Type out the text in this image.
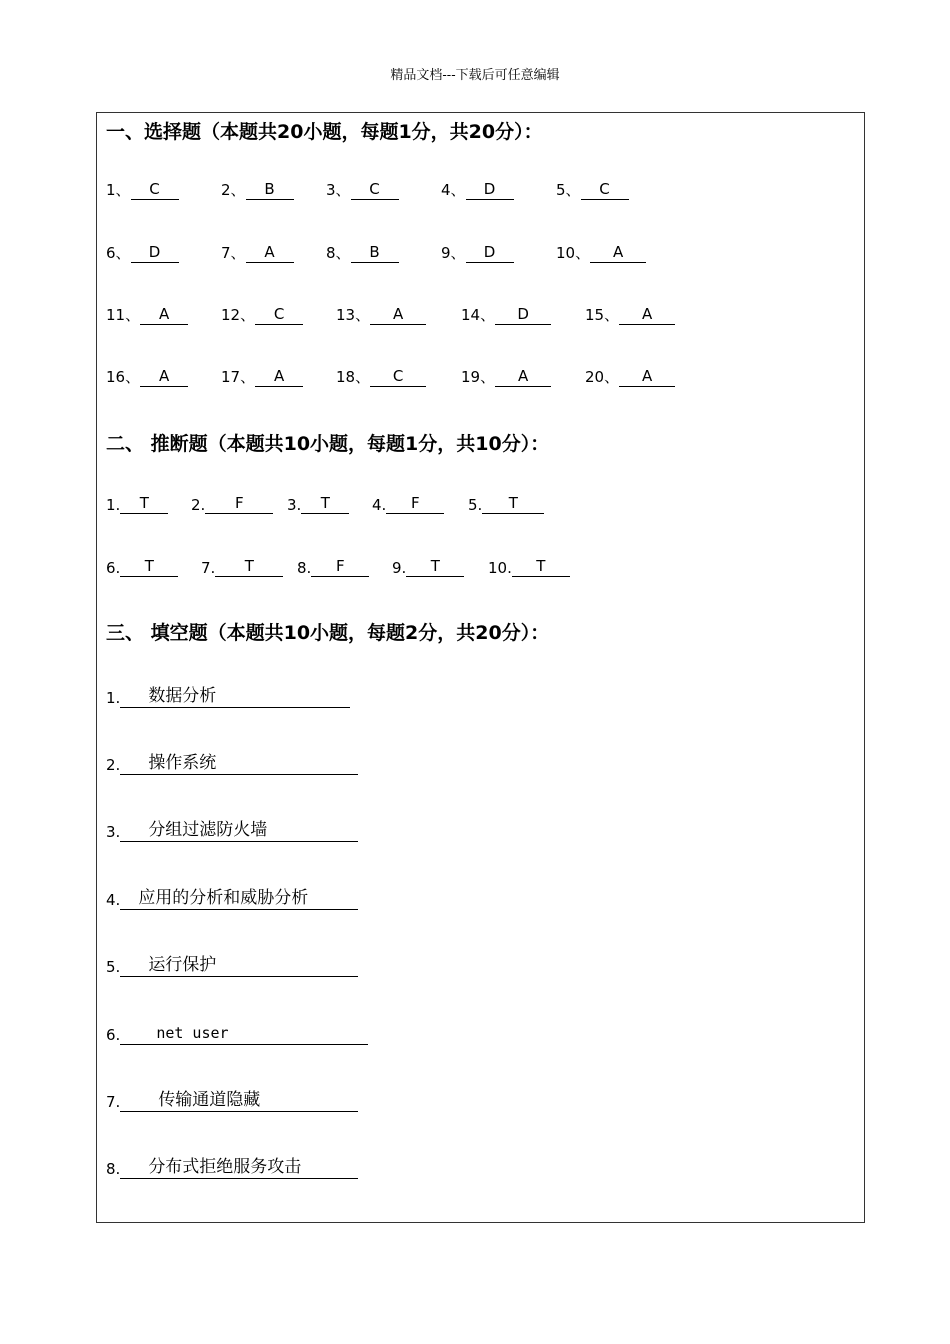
精品文档---下载后可任意编辑
一、选择题（本题共20小题，每题1分，共20分）：
1、 C	2、 B	3、 C	4、 D	5、 C
6、 D	7、 A	8、 B	9、 D	10、 A
11、 A	12、 C	13、 A	14、 D	15、 A
16、 A	17、 A	18、 C	19、 A	20、 A
二、 推断题（本题共10小题，每题1分，共10分）：
1. T	2. F	3. T	4. F	5. T
6. T	7. T	8. F	9. T	10. T
三、 填空题（本题共10小题，每题2分，共20分）：
1. 数据分析
2. 操作系统
3. 分组过滤防火墙
4. 应用的分析和威胁分析
5. 运行保护
6. net user
7. 传输通道隐藏
8. 分布式拒绝服务攻击
